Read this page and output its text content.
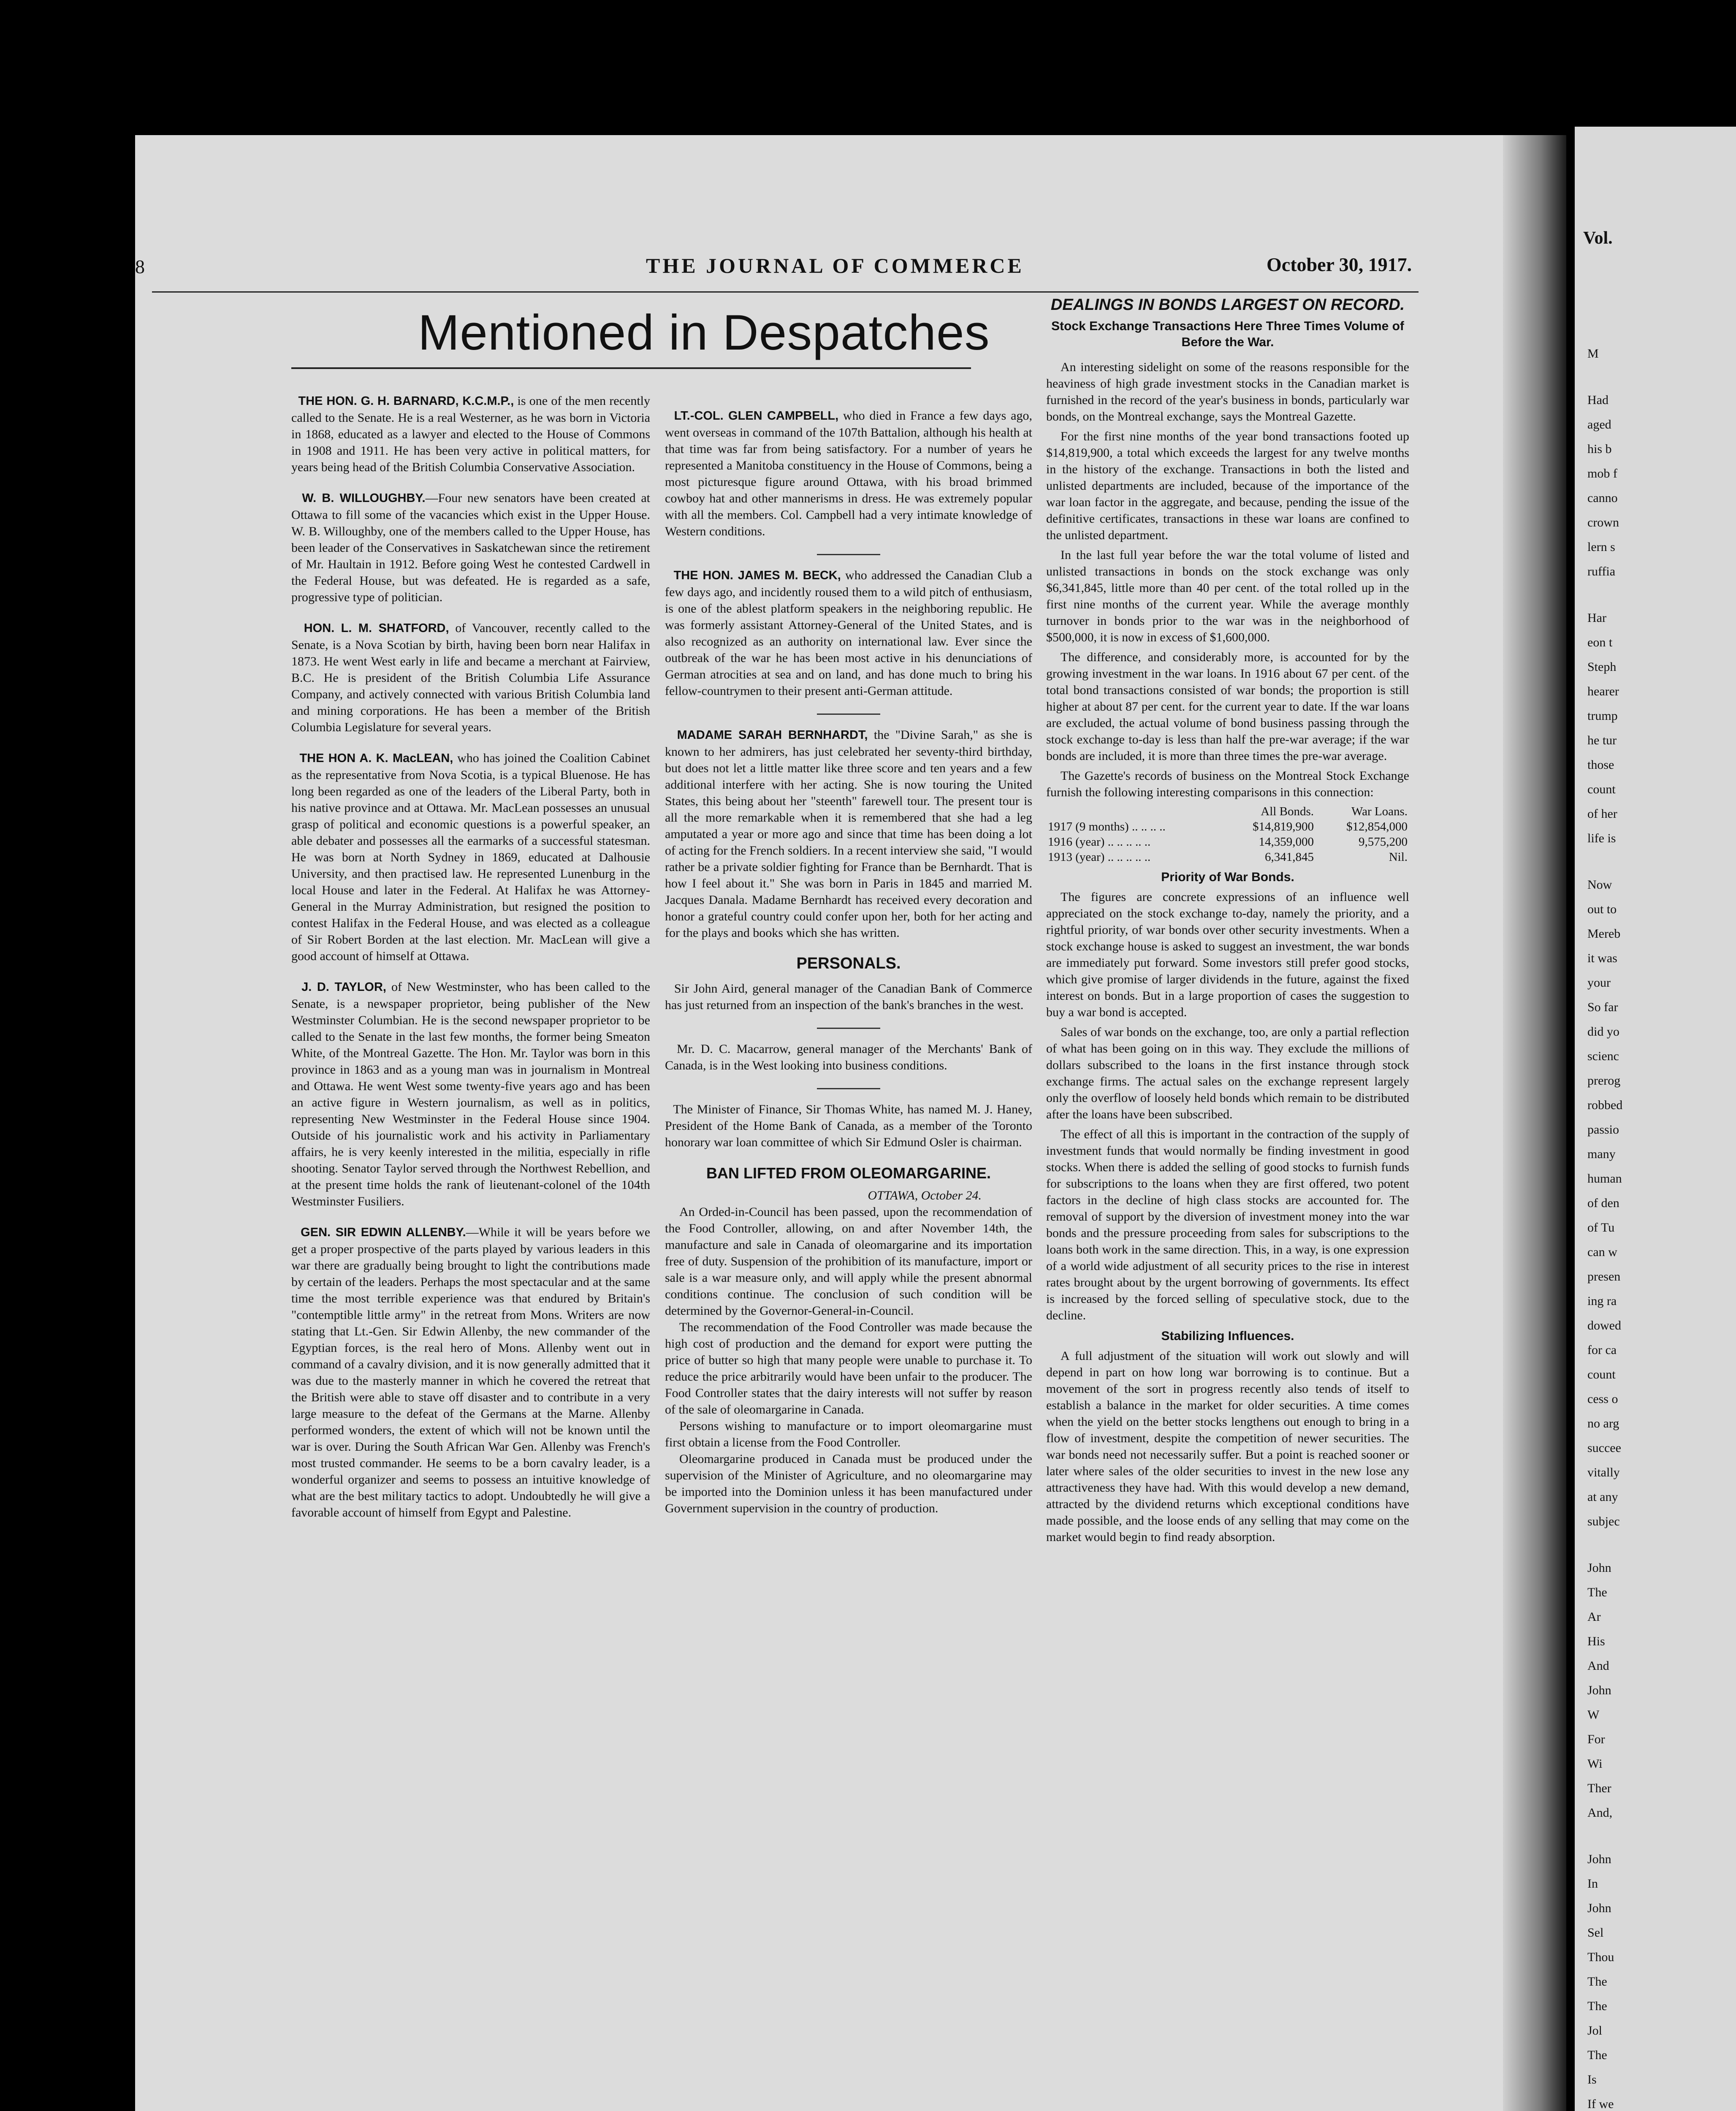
Vol.
M
Had
aged
his b
mob f
canno
crown
lern s
ruffia
Har
eon t
Steph
hearer
trump
he tur
those
count
of her
life is
Now
out to
Mereb
it was
your
So far
did yo
scienc
prerog
robbed
passio
many
human
of den
of Tu
can w
presen
ing ra
dowed
for ca
count
cess o
no arg
succee
vitally
at any
subjec
John
The
Ar
His
And
John
W
For
Wi
Ther
And,
John
In
John
Sel
Thou
The
The
Jol
The
Is
If we
8	THE JOURNAL OF COMMERCE	October 30, 1917.
Mentioned in Despatches

THE HON. G. H. BARNARD, K.C.M.P., is one of the men recently called to the Senate. He is a real Westerner, as he was born in Victoria in 1868, educated as a lawyer and elected to the House of Commons in 1908 and 1911. He has been very active in political matters, for years being head of the British Columbia Conservative Association.

W. B. WILLOUGHBY.—Four new senators have been created at Ottawa to fill some of the vacancies which exist in the Upper House. W. B. Willoughby, one of the members called to the Upper House, has been leader of the Conservatives in Saskatchewan since the retirement of Mr. Haultain in 1912. Before going West he contested Cardwell in the Federal House, but was defeated. He is regarded as a safe, progressive type of politician.

HON. L. M. SHATFORD, of Vancouver, recently called to the Senate, is a Nova Scotian by birth, having been born near Halifax in 1873. He went West early in life and became a merchant at Fairview, B.C. He is president of the British Columbia Life Assurance Company, and actively connected with various British Columbia land and mining corporations. He has been a member of the British Columbia Legislature for several years.

THE HON A. K. MacLEAN, who has joined the Coalition Cabinet as the representative from Nova Scotia, is a typical Bluenose. He has long been regarded as one of the leaders of the Liberal Party, both in his native province and at Ottawa. Mr. MacLean possesses an unusual grasp of political and economic questions is a powerful speaker, an able debater and possesses all the earmarks of a successful statesman. He was born at North Sydney in 1869, educated at Dalhousie University, and then practised law. He represented Lunenburg in the local House and later in the Federal. At Halifax he was Attorney-General in the Murray Administration, but resigned the position to contest Halifax in the Federal House, and was elected as a colleague of Sir Robert Borden at the last election. Mr. MacLean will give a good account of himself at Ottawa.

J. D. TAYLOR, of New Westminster, who has been called to the Senate, is a newspaper proprietor, being publisher of the New Westminster Columbian. He is the second newspaper proprietor to be called to the Senate in the last few months, the former being Smeaton White, of the Montreal Gazette. The Hon. Mr. Taylor was born in this province in 1863 and as a young man was in journalism in Montreal and Ottawa. He went West some twenty-five years ago and has been an active figure in Western journalism, as well as in politics, representing New Westminster in the Federal House since 1904. Outside of his journalistic work and his activity in Parliamentary affairs, he is very keenly interested in the militia, especially in rifle shooting. Senator Taylor served through the Northwest Rebellion, and at the present time holds the rank of lieutenant-colonel of the 104th Westminster Fusiliers.

GEN. SIR EDWIN ALLENBY.—While it will be years before we get a proper prospective of the parts played by various leaders in this war there are gradually being brought to light the contributions made by certain of the leaders. Perhaps the most spectacular and at the same time the most terrible experience was that endured by Britain's "contemptible little army" in the retreat from Mons. Writers are now stating that Lt.-Gen. Sir Edwin Allenby, the new commander of the Egyptian forces, is the real hero of Mons. Allenby went out in command of a cavalry division, and it is now generally admitted that it was due to the masterly manner in which he covered the retreat that the British were able to stave off disaster and to contribute in a very large measure to the defeat of the Germans at the Marne. Allenby performed wonders, the extent of which will not be known until the war is over. During the South African War Gen. Allenby was French's most trusted commander. He seems to be a born cavalry leader, is a wonderful organizer and seems to possess an intuitive knowledge of what are the best military tactics to adopt. Undoubtedly he will give a favorable account of himself from Egypt and Palestine.

LT.-COL. GLEN CAMPBELL, who died in France a few days ago, went overseas in command of the 107th Battalion, although his health at that time was far from being satisfactory. For a number of years he represented a Manitoba constituency in the House of Commons, being a most picturesque figure around Ottawa, with his broad brimmed cowboy hat and other mannerisms in dress. He was extremely popular with all the members. Col. Campbell had a very intimate knowledge of Western conditions.

THE HON. JAMES M. BECK, who addressed the Canadian Club a few days ago, and incidently roused them to a wild pitch of enthusiasm, is one of the ablest platform speakers in the neighboring republic. He was formerly assistant Attorney-General of the United States, and is also recognized as an authority on international law. Ever since the outbreak of the war he has been most active in his denunciations of German atrocities at sea and on land, and has done much to bring his fellow-countrymen to their present anti-German attitude.

MADAME SARAH BERNHARDT, the "Divine Sarah," as she is known to her admirers, has just celebrated her seventy-third birthday, but does not let a little matter like three score and ten years and a few additional interfere with her acting. She is now touring the United States, this being about her "steenth" farewell tour. The present tour is all the more remarkable when it is remembered that she had a leg amputated a year or more ago and since that time has been doing a lot of acting for the French soldiers. In a recent interview she said, "I would rather be a private soldier fighting for France than be Bernhardt. That is how I feel about it." She was born in Paris in 1845 and married M. Jacques Danala. Madame Bernhardt has received every decoration and honor a grateful country could confer upon her, both for her acting and for the plays and books which she has written.

PERSONALS.

Sir John Aird, general manager of the Canadian Bank of Commerce has just returned from an inspection of the bank's branches in the west.

Mr. D. C. Macarrow, general manager of the Merchants' Bank of Canada, is in the West looking into business conditions.

The Minister of Finance, Sir Thomas White, has named M. J. Haney, President of the Home Bank of Canada, as a member of the Toronto honorary war loan committee of which Sir Edmund Osler is chairman.

BAN LIFTED FROM OLEOMARGARINE.
OTTAWA, October 24.

An Orded-in-Council has been passed, upon the recommendation of the Food Controller, allowing, on and after November 14th, the manufacture and sale in Canada of oleomargarine and its importation free of duty. Suspension of the prohibition of its manufacture, import or sale is a war measure only, and will apply while the present abnormal conditions continue. The conclusion of such condition will be determined by the Governor-General-in-Council.

The recommendation of the Food Controller was made because the high cost of production and the demand for export were putting the price of butter so high that many people were unable to purchase it. To reduce the price arbitrarily would have been unfair to the producer. The Food Controller states that the dairy interests will not suffer by reason of the sale of oleomargarine in Canada.

Persons wishing to manufacture or to import oleomargarine must first obtain a license from the Food Controller.

Oleomargarine produced in Canada must be produced under the supervision of the Minister of Agriculture, and no oleomargarine may be imported into the Dominion unless it has been manufactured under Government supervision in the country of production.

DEALINGS IN BONDS LARGEST ON RECORD.
Stock Exchange Transactions Here Three Times Volume of Before the War.

An interesting sidelight on some of the reasons responsible for the heaviness of high grade investment stocks in the Canadian market is furnished in the record of the year's business in bonds, particularly war bonds, on the Montreal exchange, says the Montreal Gazette.

For the first nine months of the year bond transactions footed up $14,819,900, a total which exceeds the largest for any twelve months in the history of the exchange. Transactions in both the listed and unlisted departments are included, because of the importance of the war loan factor in the aggregate, and because, pending the issue of the definitive certificates, transactions in these war loans are confined to the unlisted department.

In the last full year before the war the total volume of listed and unlisted transactions in bonds on the stock exchange was only $6,341,845, little more than 40 per cent. of the total rolled up in the first nine months of the current year. While the average monthly turnover in bonds prior to the war was in the neighborhood of $500,000, it is now in excess of $1,600,000.

The difference, and considerably more, is accounted for by the growing investment in the war loans. In 1916 about 67 per cent. of the total bond transactions consisted of war bonds; the proportion is still higher at about 87 per cent. for the current year to date. If the war loans are excluded, the actual volume of bond business passing through the stock exchange to-day is less than half the pre-war average; if the war bonds are included, it is more than three times the pre-war average.

The Gazette's records of business on the Montreal Stock Exchange furnish the following interesting comparisons in this connection:

	All Bonds.	War Loans.
1917 (9 months) .. .. .. ..	$14,819,900	$12,854,000
1916 (year) .. .. .. .. ..	14,359,000	9,575,200
1913 (year) .. .. .. .. ..	6,341,845	Nil.
Priority of War Bonds.

The figures are concrete expressions of an influence well appreciated on the stock exchange to-day, namely the priority, and a rightful priority, of war bonds over other security investments. When a stock exchange house is asked to suggest an investment, the war bonds are immediately put forward. Some investors still prefer good stocks, which give promise of larger dividends in the future, against the fixed interest on bonds. But in a large proportion of cases the suggestion to buy a war bond is accepted.

Sales of war bonds on the exchange, too, are only a partial reflection of what has been going on in this way. They exclude the millions of dollars subscribed to the loans in the first instance through stock exchange firms. The actual sales on the exchange represent largely only the overflow of loosely held bonds which remain to be distributed after the loans have been subscribed.

The effect of all this is important in the contraction of the supply of investment funds that would normally be finding investment in good stocks. When there is added the selling of good stocks to furnish funds for subscriptions to the loans when they are first offered, two potent factors in the decline of high class stocks are accounted for. The removal of support by the diversion of investment money into the war bonds and the pressure proceeding from sales for subscriptions to the loans both work in the same direction. This, in a way, is one expression of a world wide adjustment of all security prices to the rise in interest rates brought about by the urgent borrowing of governments. Its effect is increased by the forced selling of speculative stock, due to the decline.

Stabilizing Influences.

A full adjustment of the situation will work out slowly and will depend in part on how long war borrowing is to continue. But a movement of the sort in progress recently also tends of itself to establish a balance in the market for older securities. A time comes when the yield on the better stocks lengthens out enough to bring in a flow of investment, despite the competition of newer securities. The war bonds need not necessarily suffer. But a point is reached sooner or later where sales of the older securities to invest in the new lose any attractiveness they have had. With this would develop a new demand, attracted by the dividend returns which exceptional conditions have made possible, and the loose ends of any selling that may come on the market would begin to find ready absorption.
